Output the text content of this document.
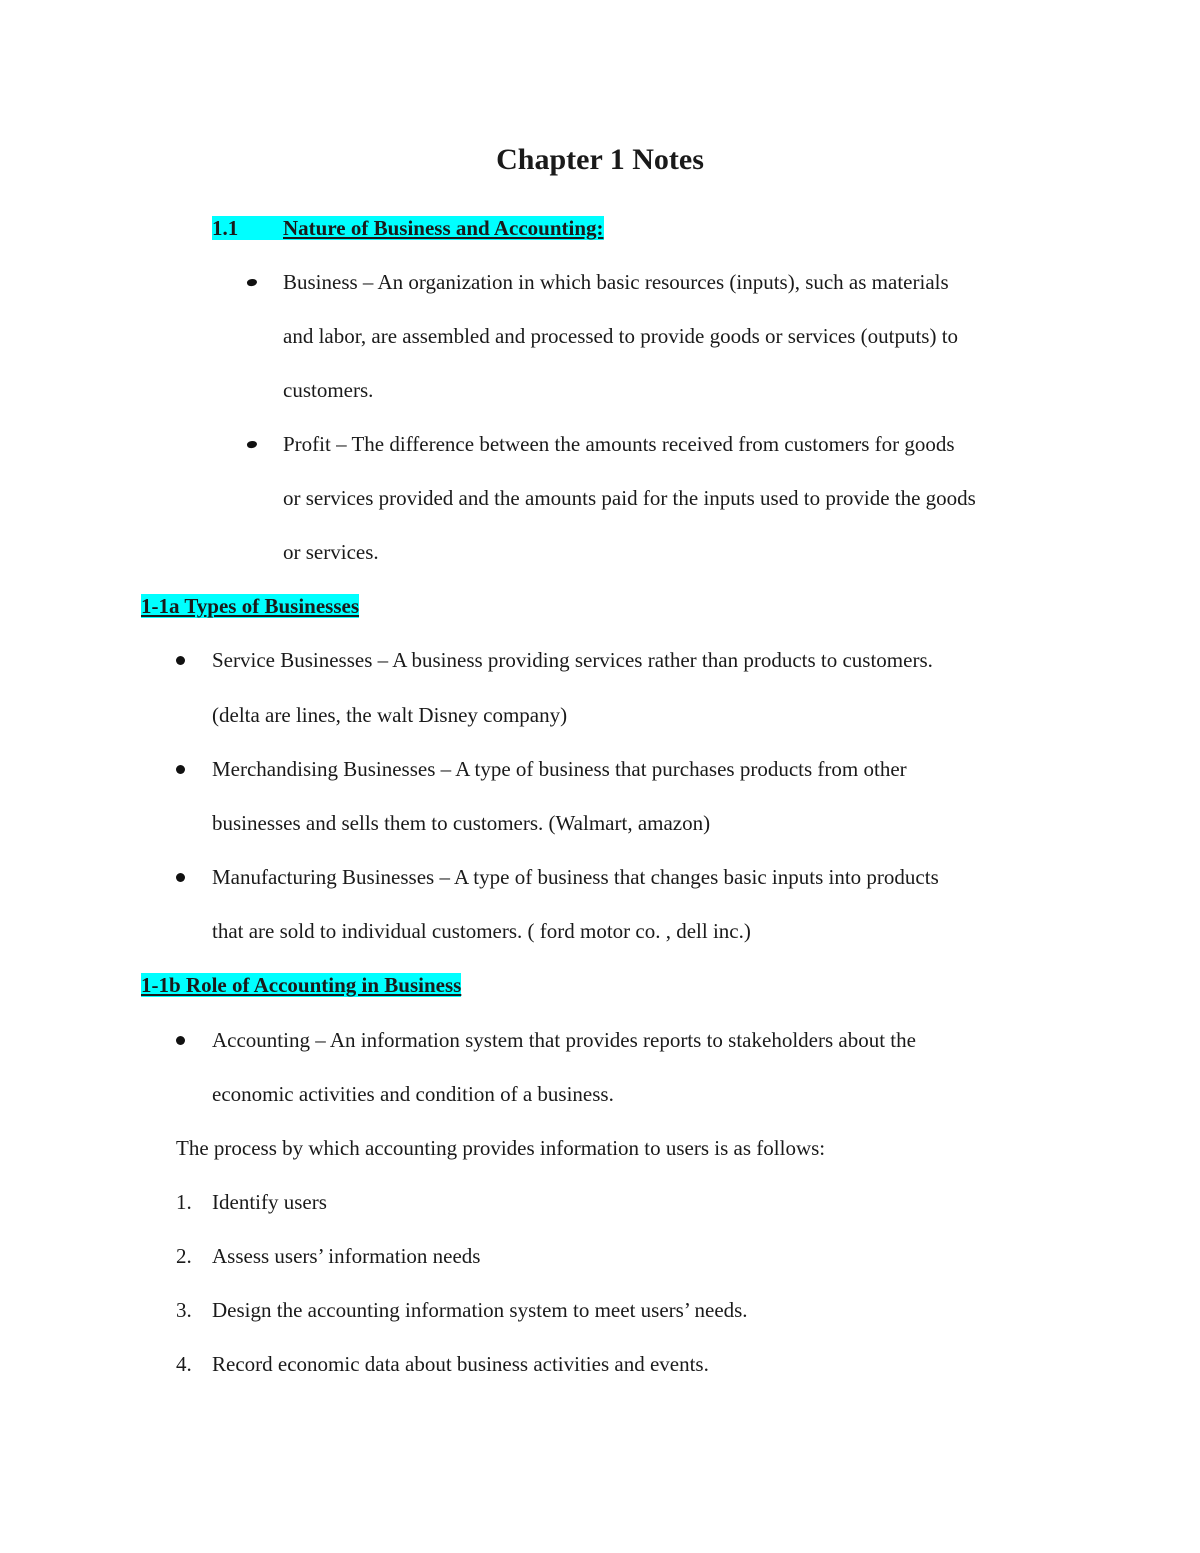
Chapter 1 Notes
1.1 Nature of Business and Accounting:
Business – An organization in which basic resources (inputs), such as materials
and labor, are assembled and processed to provide goods or services (outputs) to
customers.
Profit – The difference between the amounts received from customers for goods
or services provided and the amounts paid for the inputs used to provide the goods
or services.
1-1a Types of Businesses
Service Businesses – A business providing services rather than products to customers.
(delta are lines, the walt Disney company)
Merchandising Businesses – A type of business that purchases products from other
businesses and sells them to customers. (Walmart, amazon)
Manufacturing Businesses – A type of business that changes basic inputs into products
that are sold to individual customers. ( ford motor co. , dell inc.)
1-1b Role of Accounting in Business
Accounting – An information system that provides reports to stakeholders about the
economic activities and condition of a business.
The process by which accounting provides information to users is as follows:
1. Identify users
2. Assess users’ information needs
3. Design the accounting information system to meet users’ needs.
4. Record economic data about business activities and events.
